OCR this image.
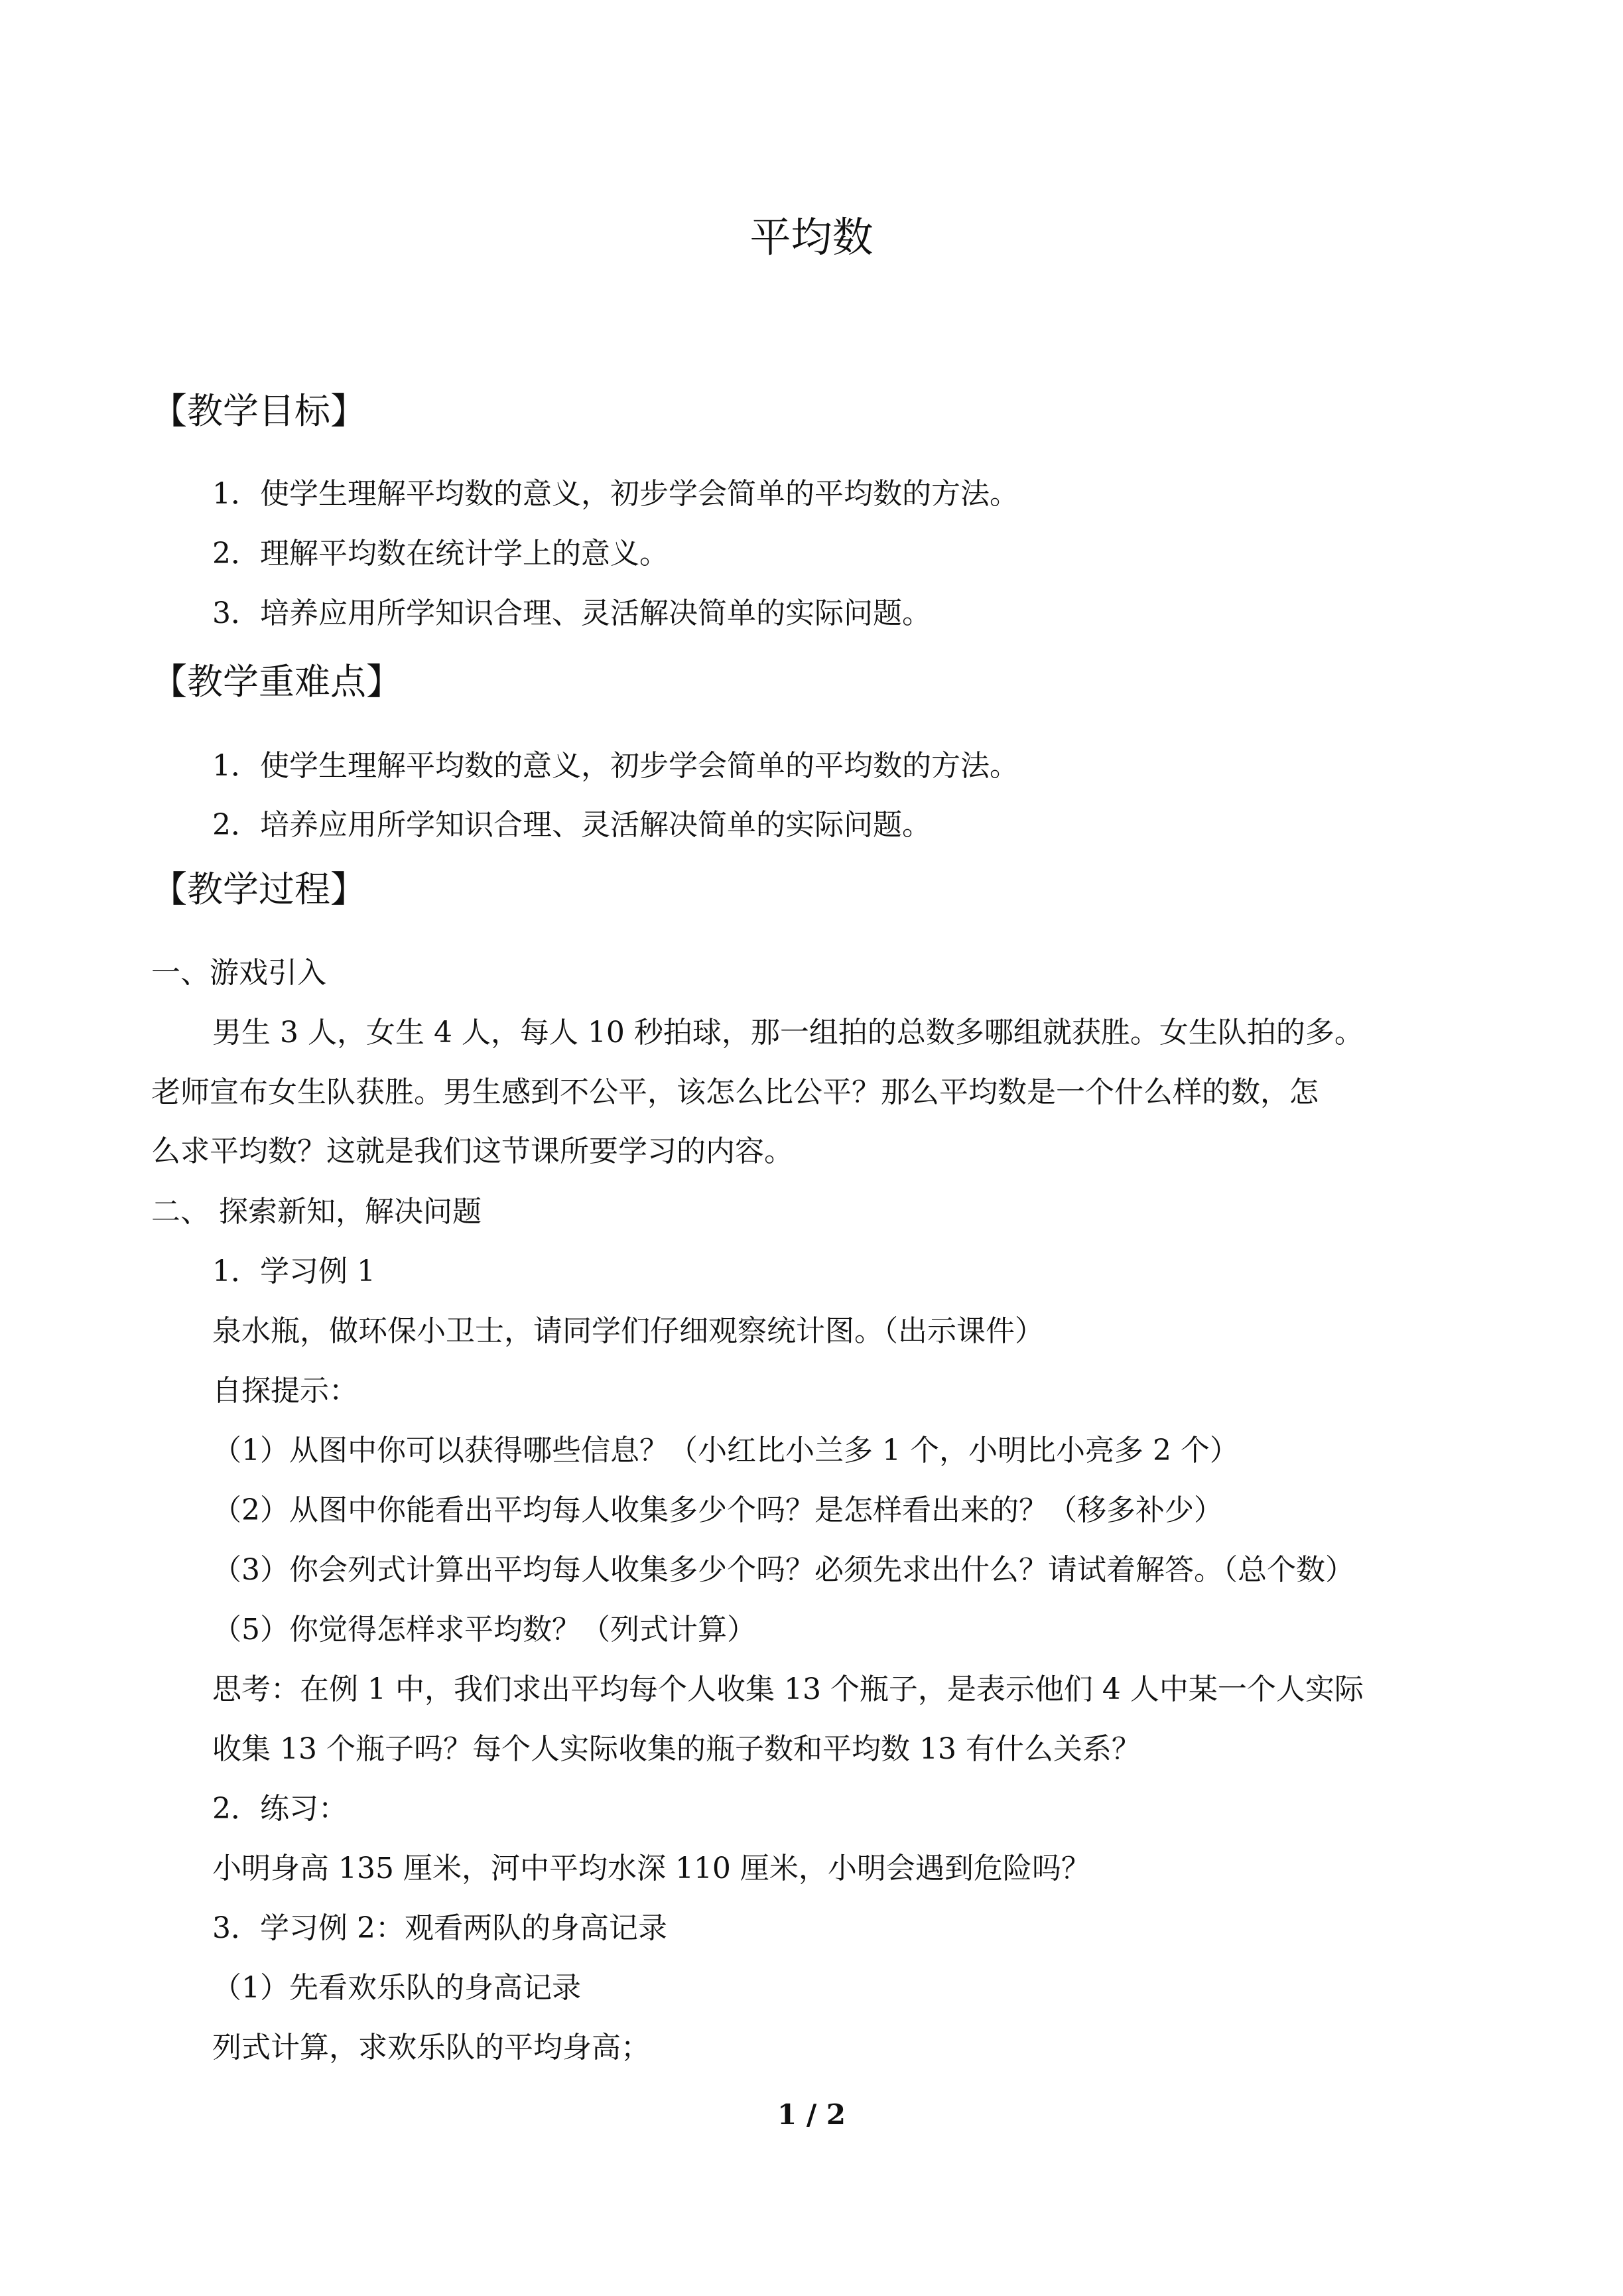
平均数
【教学目标】
1．使学生理解平均数的意义，初步学会简单的平均数的方法。
2．理解平均数在统计学上的意义。
3．培养应用所学知识合理、灵活解决简单的实际问题。
【教学重难点】
1．使学生理解平均数的意义，初步学会简单的平均数的方法。
2．培养应用所学知识合理、灵活解决简单的实际问题。
【教学过程】
一、游戏引入
男生 3 人，女生 4 人，每人 10 秒拍球，那一组拍的总数多哪组就获胜。女生队拍的多。
老师宣布女生队获胜。男生感到不公平，该怎么比公平？那么平均数是一个什么样的数，怎
么求平均数？这就是我们这节课所要学习的内容。
二、 探索新知，解决问题
1．学习例 1
泉水瓶，做环保小卫士，请同学们仔细观察统计图。（出示课件）
自探提示：
（1）从图中你可以获得哪些信息？（小红比小兰多 1 个，小明比小亮多 2 个）
（2）从图中你能看出平均每人收集多少个吗？是怎样看出来的？（移多补少）
（3）你会列式计算出平均每人收集多少个吗？必须先求出什么？请试着解答。（总个数）
（5）你觉得怎样求平均数？（列式计算）
思考：在例 1 中，我们求出平均每个人收集 13 个瓶子，是表示他们 4 人中某一个人实际
收集 13 个瓶子吗？每个人实际收集的瓶子数和平均数 13 有什么关系？
2．练习：
小明身高 135 厘米，河中平均水深 110 厘米，小明会遇到危险吗？
3．学习例 2：观看两队的身高记录
（1）先看欢乐队的身高记录
列式计算，求欢乐队的平均身高；
1 / 2
